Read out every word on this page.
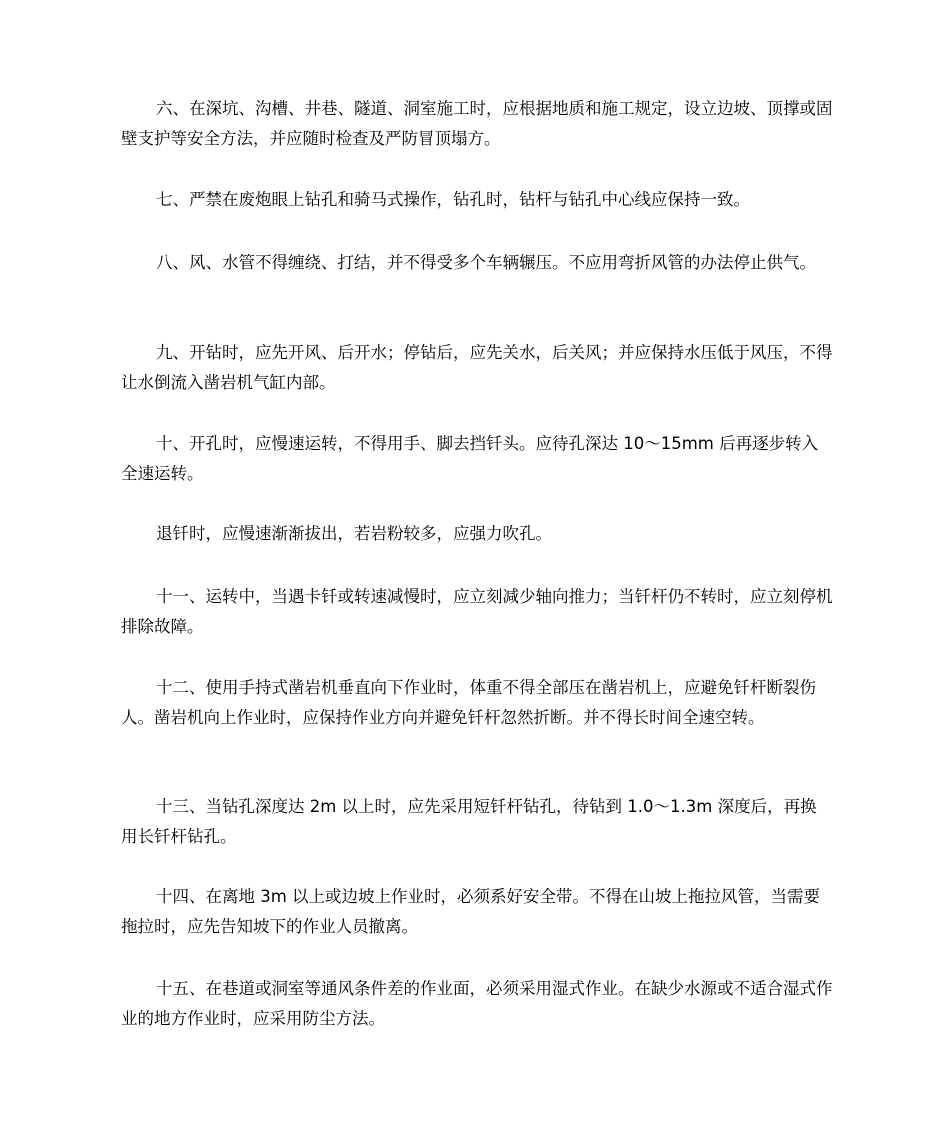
六、在深坑、沟槽、井巷、隧道、洞室施工时，应根据地质和施工规定，设立边坡、顶撑或固壁支护等安全方法，并应随时检查及严防冒顶塌方。

七、严禁在废炮眼上钻孔和骑马式操作，钻孔时，钻杆与钻孔中心线应保持一致。

八、风、水管不得缠绕、打结，并不得受多个车辆辗压。不应用弯折风管的办法停止供气。

九、开钻时，应先开风、后开水；停钻后，应先关水，后关风；并应保持水压低于风压，不得让水倒流入凿岩机气缸内部。

十、开孔时，应慢速运转，不得用手、脚去挡钎头。应待孔深达 10～15mm 后再逐步转入全速运转。

退钎时，应慢速渐渐拔出，若岩粉较多，应强力吹孔。

十一、运转中，当遇卡钎或转速减慢时，应立刻减少轴向推力；当钎杆仍不转时，应立刻停机排除故障。

十二、使用手持式凿岩机垂直向下作业时，体重不得全部压在凿岩机上，应避免钎杆断裂伤人。凿岩机向上作业时，应保持作业方向并避免钎杆忽然折断。并不得长时间全速空转。

十三、当钻孔深度达 2m 以上时，应先采用短钎杆钻孔，待钻到 1.0～1.3m 深度后，再换用长钎杆钻孔。

十四、在离地 3m 以上或边坡上作业时，必须系好安全带。不得在山坡上拖拉风管，当需要拖拉时，应先告知坡下的作业人员撤离。

十五、在巷道或洞室等通风条件差的作业面，必须采用湿式作业。在缺少水源或不适合湿式作业的地方作业时，应采用防尘方法。
